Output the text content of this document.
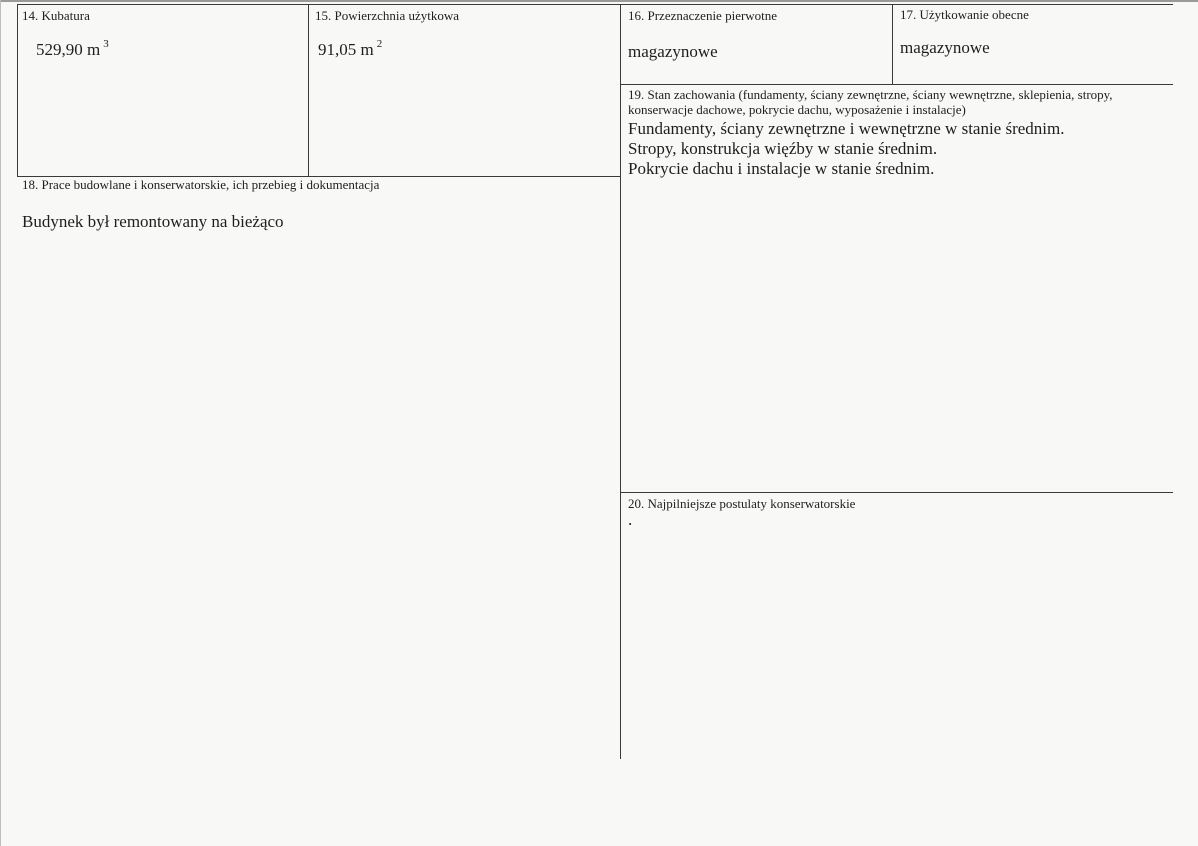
14. Kubatura
529,90 m $^3$
15. Powierzchnia użytkowa
91,05 m $^2$
16. Przeznaczenie pierwotne
magazynowe
17. Użytkowanie obecne
magazynowe
19. Stan zachowania (fundamenty, ściany zewnętrzne, ściany wewnętrzne, sklepienia, stropy, konserwacje dachowe, pokrycie dachu, wyposażenie i instalacje)
Fundamenty, ściany zewnętrzne i wewnętrzne w stanie średnim.
Stropy, konstrukcja więźby w stanie średnim.
Pokrycie dachu i instalacje w stanie średnim.
18. Prace budowlane i konserwatorskie, ich przebieg i dokumentacja
Budynek był remontowany na bieżąco
20. Najpilniejsze postulaty konserwatorskie
.
